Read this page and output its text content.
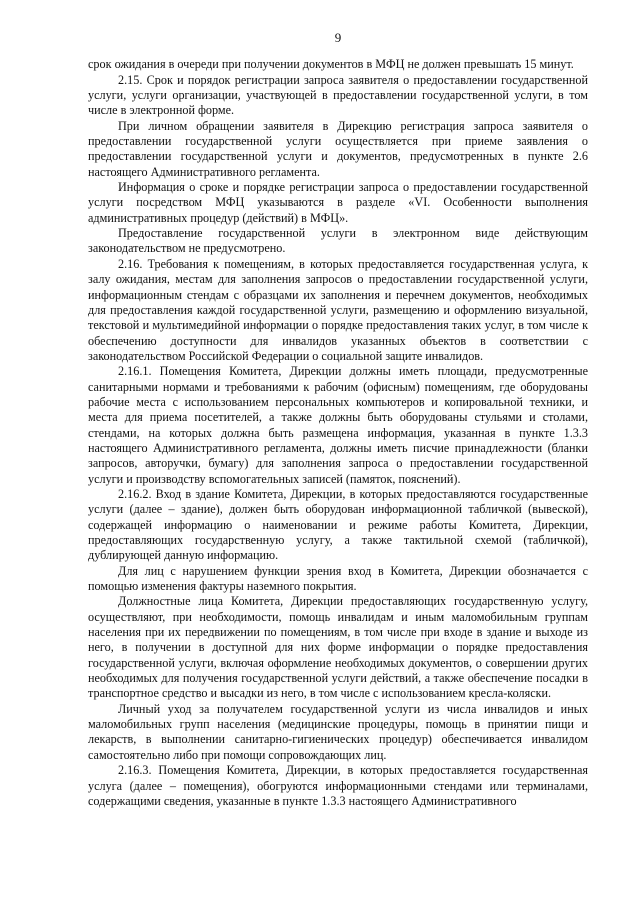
9

срок ожидания в очереди при получении документов в МФЦ не должен превышать 15 минут.

2.15. Срок и порядок регистрации запроса заявителя о предоставлении государственной услуги, услуги организации, участвующей в предоставлении государственной услуги, в том числе в электронной форме.

При личном обращении заявителя в Дирекцию регистрация запроса заявителя о предоставлении государственной услуги осуществляется при приеме заявления о предоставлении государственной услуги и документов, предусмотренных в пункте 2.6 настоящего Административного регламента.

Информация о сроке и порядке регистрации запроса о предоставлении государственной услуги посредством МФЦ указываются в разделе «VI. Особенности выполнения административных процедур (действий) в МФЦ».

Предоставление государственной услуги в электронном виде действующим законодательством не предусмотрено.

2.16. Требования к помещениям, в которых предоставляется государственная услуга, к залу ожидания, местам для заполнения запросов о предоставлении государственной услуги, информационным стендам с образцами их заполнения и перечнем документов, необходимых для предоставления каждой государственной услуги, размещению и оформлению визуальной, текстовой и мультимедийной информации о порядке предоставления таких услуг, в том числе к обеспечению доступности для инвалидов указанных объектов в соответствии с законодательством Российской Федерации о социальной защите инвалидов.

2.16.1. Помещения Комитета, Дирекции должны иметь площади, предусмотренные санитарными нормами и требованиями к рабочим (офисным) помещениям, где оборудованы рабочие места с использованием персональных компьютеров и копировальной техники, и места для приема посетителей, а также должны быть оборудованы стульями и столами, стендами, на которых должна быть размещена информация, указанная в пункте 1.3.3 настоящего Административного регламента, должны иметь писчие принадлежности (бланки запросов, авторучки, бумагу) для заполнения запроса о предоставлении государственной услуги и производству вспомогательных записей (памяток, пояснений).

2.16.2. Вход в здание Комитета, Дирекции, в которых предоставляются государственные услуги (далее – здание), должен быть оборудован информационной табличкой (вывеской), содержащей информацию о наименовании и режиме работы Комитета, Дирекции, предоставляющих государственную услугу, а также тактильной схемой (табличкой), дублирующей данную информацию.

Для лиц с нарушением функции зрения вход в Комитета, Дирекции обозначается с помощью изменения фактуры наземного покрытия.

Должностные лица Комитета, Дирекции предоставляющих государственную услугу, осуществляют, при необходимости, помощь инвалидам и иным маломобильным группам населения при их передвижении по помещениям, в том числе при входе в здание и выходе из него, в получении в доступной для них форме информации о порядке предоставления государственной услуги, включая оформление необходимых документов, о совершении других необходимых для получения государственной услуги действий, а также обеспечение посадки в транспортное средство и высадки из него, в том числе с использованием кресла-коляски.

Личный уход за получателем государственной услуги из числа инвалидов и иных маломобильных групп населения (медицинские процедуры, помощь в принятии пищи и лекарств, в выполнении санитарно-гигиенических процедур) обеспечивается инвалидом самостоятельно либо при помощи сопровождающих лиц.

2.16.3. Помещения Комитета, Дирекции, в которых предоставляется государственная услуга (далее – помещения), обогруются информационными стендами или терминалами, содержащими сведения, указанные в пункте 1.3.3 настоящего Административного
